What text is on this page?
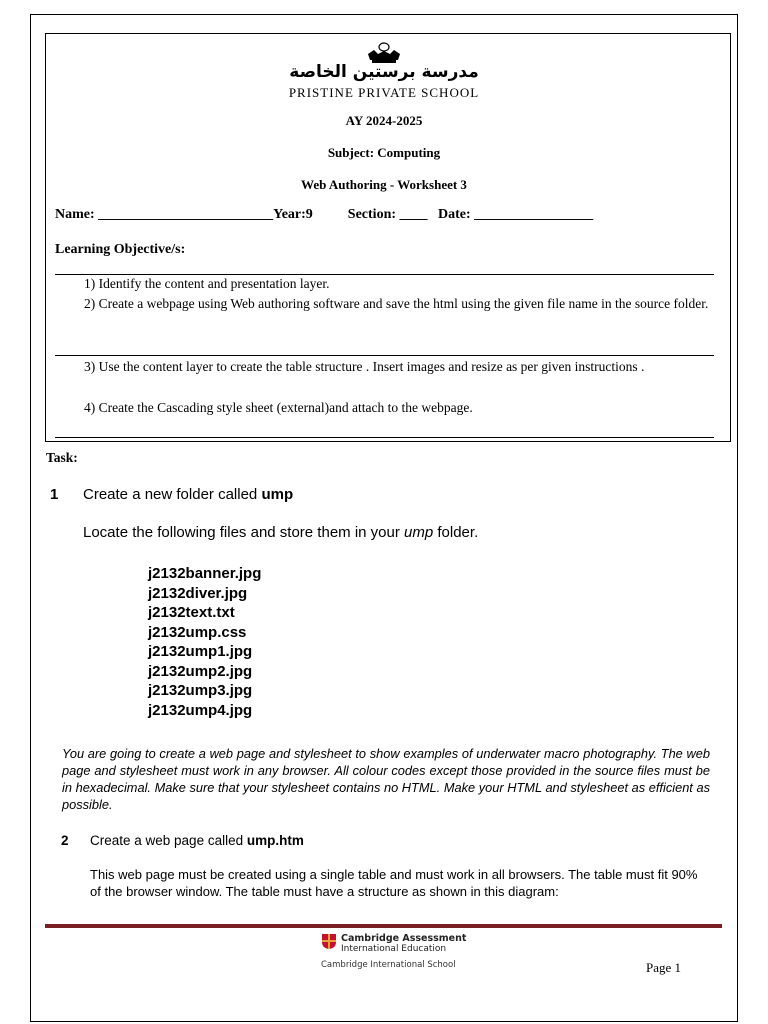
مدرسة برستين الخاصة
PRISTINE PRIVATE SCHOOL
AY 2024-2025
Subject: Computing
Web Authoring - Worksheet 3
Name: _________________________Year:9          Section: ____   Date: _________________
Learning Objective/s:
1) Identify the content and presentation layer.
2) Create a webpage using Web authoring software and save the html using the given file name in the source folder.
3) Use the content layer to create the table structure . Insert images and resize as per given instructions .
4) Create the Cascading style sheet (external)and attach to the webpage.
Task:
1 Create a new folder called ump
Locate the following files and store them in your ump folder.
j2132banner.jpg
j2132diver.jpg
j2132text.txt
j2132ump.css
j2132ump1.jpg
j2132ump2.jpg
j2132ump3.jpg
j2132ump4.jpg
You are going to create a web page and stylesheet to show examples of underwater macro photography. The web page and stylesheet must work in any browser. All colour codes except those provided in the source files must be in hexadecimal. Make sure that your stylesheet contains no HTML. Make your HTML and stylesheet as efficient as possible.
2 Create a web page called ump.htm
This web page must be created using a single table and must work in all browsers. The table must fit 90% of the browser window. The table must have a structure as shown in this diagram:
Cambridge Assessment
International Education
Cambridge International School	Page 1
